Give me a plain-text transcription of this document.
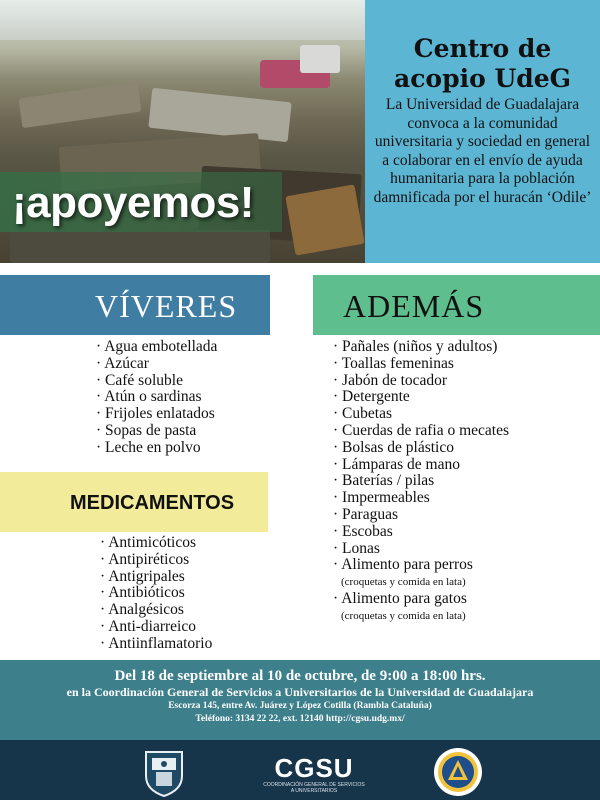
¡apoyemos!
Centro de
acopio UdeG
La Universidad de Guadalajara convoca a la comunidad universitaria y sociedad en general a colaborar en el envío de ayuda humanitaria para la población damnificada por el huracán ‘Odile’
VÍVERES	ADEMÁS
MEDICAMENTOS
· Agua embotellada
· Azúcar
· Café soluble
· Atún o sardinas
· Frijoles enlatados
· Sopas de pasta
· Leche en polvo
· Pañales (niños y adultos)
· Toallas femeninas
· Jabón de tocador
· Detergente
· Cubetas
· Cuerdas de rafia o mecates
· Bolsas de plástico
· Lámparas de mano
· Baterías / pilas
· Impermeables
· Paraguas
· Escobas
· Lonas
· Alimento para perros
(croquetas y comida en lata)
· Alimento para gatos
(croquetas y comida en lata)
· Antimicóticos
· Antipiréticos
· Antigripales
· Antibióticos
· Analgésicos
· Anti-diarreico
· Antiinflamatorio
Del 18 de septiembre al 10 de octubre, de 9:00 a 18:00 hrs.
en la Coordinación General de Servicios a Universitarios de la Universidad de Guadalajara
Escorza 145, entre Av. Juárez y López Cotilla (Rambla Cataluña)
Teléfono: 3134 22 22, ext. 12140 http://cgsu.udg.mx/
CGSU
COORDINACIÓN GENERAL DE SERVICIOS A UNIVERSITARIOS
